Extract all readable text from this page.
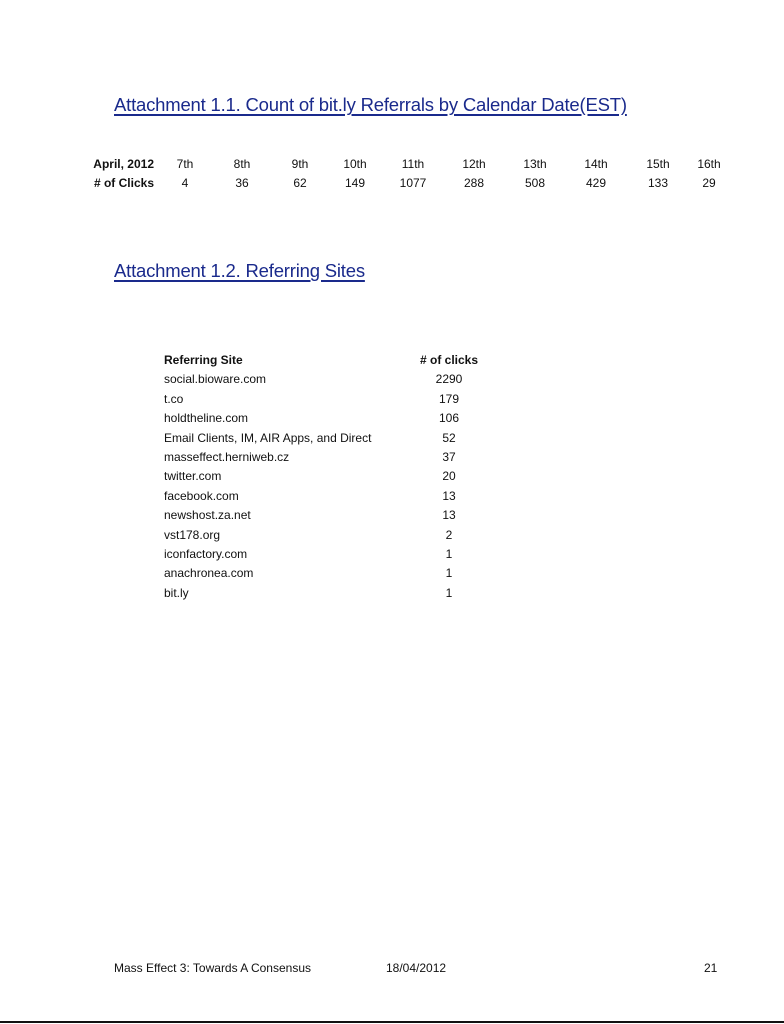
Attachment 1.1. Count of bit.ly Referrals by Calendar Date(EST)
April, 2012	7th	8th	9th	10th	11th	12th	13th	14th	15th	16th
# of Clicks	4	36	62	149	1077	288	508	429	133	29
Attachment 1.2. Referring Sites
Referring Site	# of clicks
social.bioware.com	2290
t.co	179
holdtheline.com	106
Email Clients, IM, AIR Apps, and Direct	52
masseffect.herniweb.cz	37
twitter.com	20
facebook.com	13
newshost.za.net	13
vst178.org	2
iconfactory.com	1
anachronea.com	1
bit.ly	1
Mass Effect 3: Towards A Consensus	18/04/2012	21
